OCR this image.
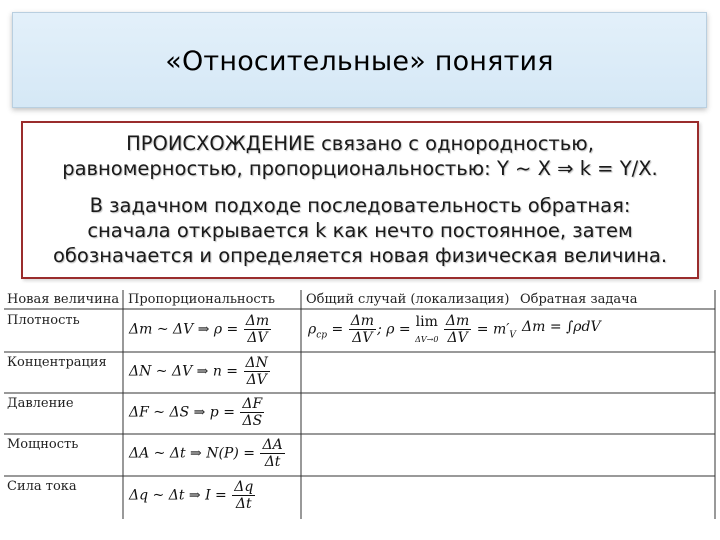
«Относительные» понятия
ПРОИСХОЖДЕНИЕ связано с однородностью,
равномерностью, пропорциональностью: Y ~ X ⇒ k = Y/X.
В задачном подходе последовательность обратная:
сначала открывается k как нечто постоянное, затем
обозначается и определяется новая физическая величина.
Новая величина Пропорциональность Общий случай (локализация) Обратная задача
Плотность
Δm ~ ΔV ⇒ $\rho = \frac{\Delta m}{\Delta V}$	$\rho_{ср} = \frac{\Delta m}{\Delta V}$ ; ρ = lim
$\Delta V\to 0 \frac{\Delta m}{\Delta V} = m'_V$
Δm = ∫ρdV
Концентрация
ΔN ~ ΔV ⇒ $n = \frac{\Delta N}{\Delta V}$
Давление
ΔF ~ ΔS ⇒ $p = \frac{\Delta F}{\Delta S}$
Мощность
ΔA ~ Δt ⇒ $N(P) = \frac{\Delta A}{\Delta t}$
Сила тока
Δq ~ Δt ⇒ $I = \frac{\Delta q}{\Delta t}$
